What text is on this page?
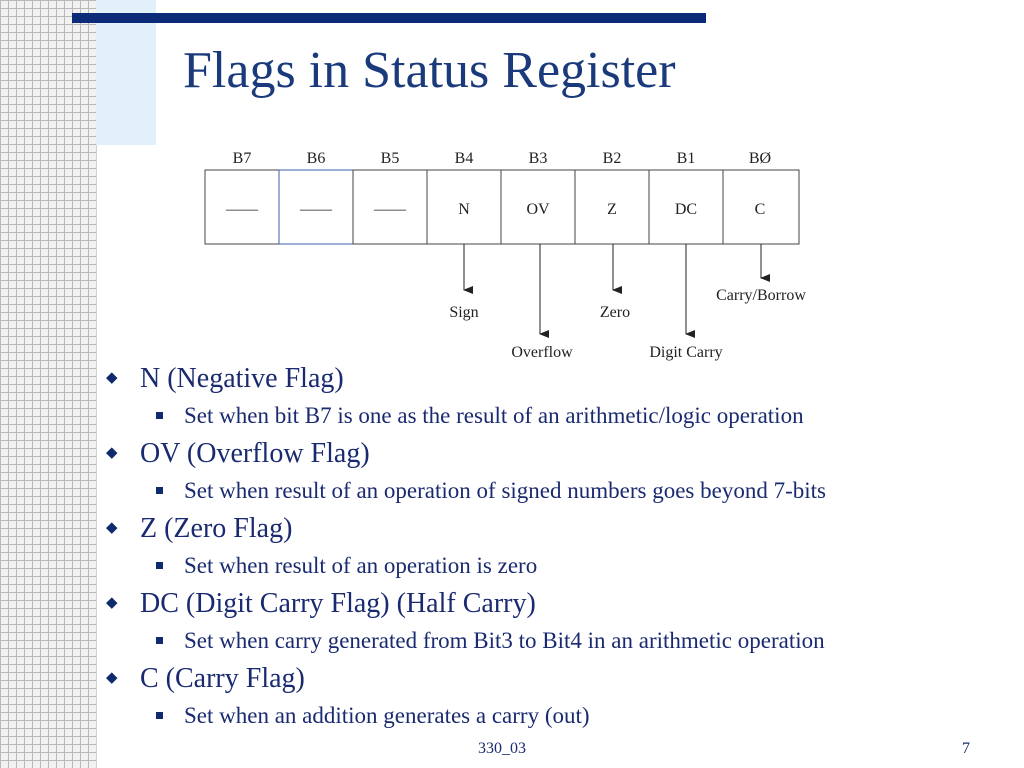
Flags in Status Register
B7	B6	B5	B4	B3	B2	B1	BØ
——	——	——	N	OV	Z	DC	C
Sign
Overflow
Zero
Digit Carry
Carry/Borrow
◆ N (Negative Flag)
Set when bit B7 is one as the result of an arithmetic/logic operation
◆ OV (Overflow Flag)
Set when result of an operation of signed numbers goes beyond 7-bits
◆ Z (Zero Flag)
Set when result of an operation is zero
◆ DC (Digit Carry Flag) (Half Carry)
Set when carry generated from Bit3 to Bit4 in an arithmetic operation
◆ C (Carry Flag)
Set when an addition generates a carry (out)
330_03	7
